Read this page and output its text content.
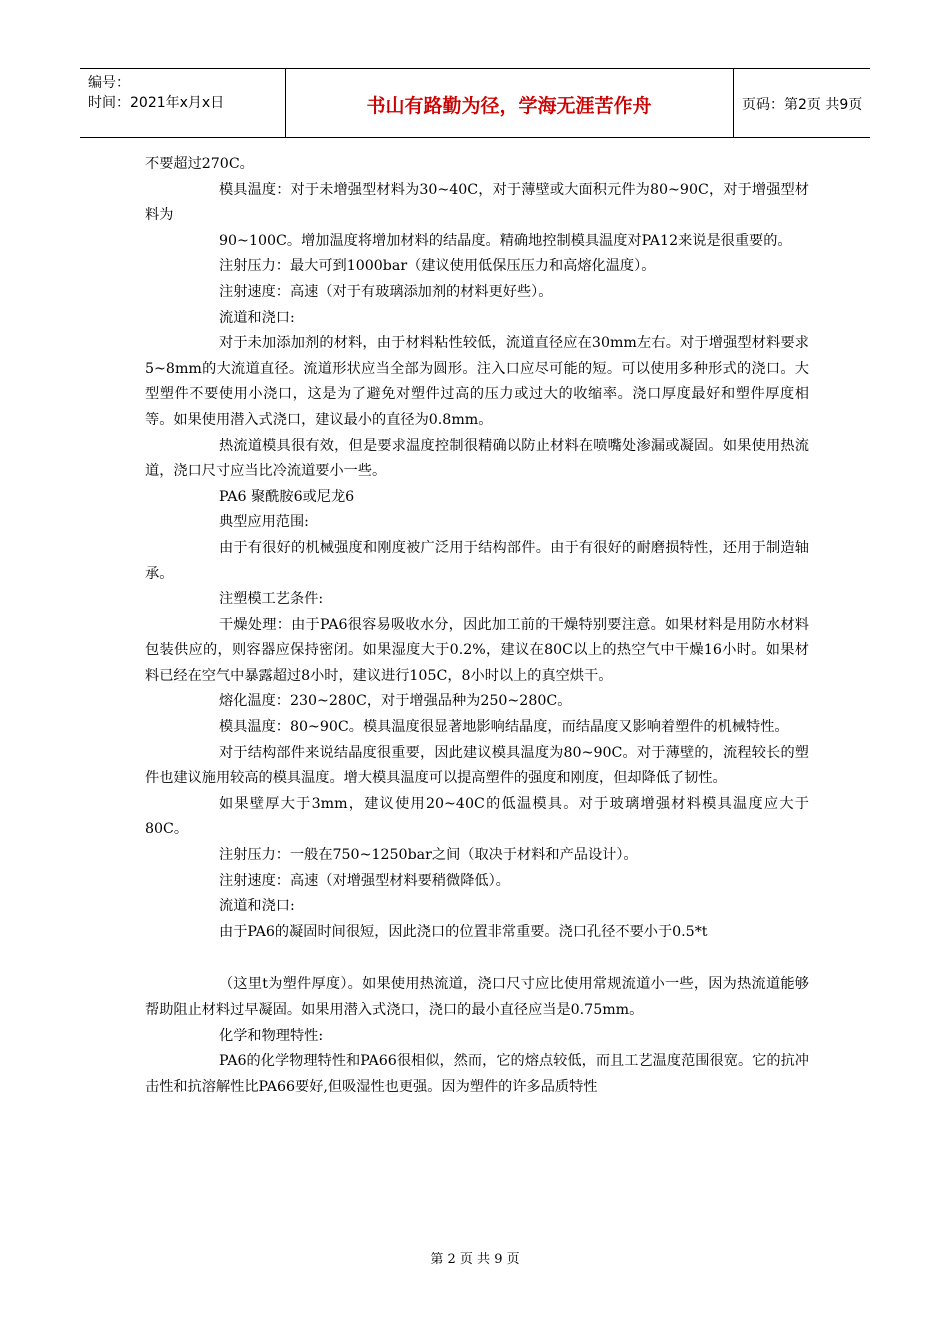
编号：
时间：2021年x月x日	书山有路勤为径，学海无涯苦作舟	页码：第2页 共9页

不要超过270C。

模具温度：对于未增强型材料为30~40C，对于薄壁或大面积元件为80~90C，对于增强型材料为

90~100C。增加温度将增加材料的结晶度。精确地控制模具温度对PA12来说是很重要的。

注射压力：最大可到1000bar（建议使用低保压压力和高熔化温度）。

注射速度：高速（对于有玻璃添加剂的材料更好些）。

流道和浇口:

对于未加添加剂的材料，由于材料粘性较低，流道直径应在30mm左右。对于增强型材料要求5~8mm的大流道直径。流道形状应当全部为圆形。注入口应尽可能的短。可以使用多种形式的浇口。大型塑件不要使用小浇口，这是为了避免对塑件过高的压力或过大的收缩率。浇口厚度最好和塑件厚度相等。如果使用潜入式浇口，建议最小的直径为0.8mm。

热流道模具很有效，但是要求温度控制很精确以防止材料在喷嘴处渗漏或凝固。如果使用热流道，浇口尺寸应当比冷流道要小一些。

PA6 聚酰胺6或尼龙6

典型应用范围:

由于有很好的机械强度和刚度被广泛用于结构部件。由于有很好的耐磨损特性，还用于制造轴承。

注塑模工艺条件:

干燥处理：由于PA6很容易吸收水分，因此加工前的干燥特别要注意。如果材料是用防水材料包装供应的，则容器应保持密闭。如果湿度大于0.2%，建议在80C以上的热空气中干燥16小时。如果材料已经在空气中暴露超过8小时，建议进行105C，8小时以上的真空烘干。

熔化温度：230~280C，对于增强品种为250~280C。

模具温度：80~90C。模具温度很显著地影响结晶度，而结晶度又影响着塑件的机械特性。

对于结构部件来说结晶度很重要，因此建议模具温度为80~90C。对于薄壁的，流程较长的塑件也建议施用较高的模具温度。增大模具温度可以提高塑件的强度和刚度，但却降低了韧性。

如果壁厚大于3mm，建议使用20~40C的低温模具。对于玻璃增强材料模具温度应大于80C。

注射压力：一般在750~1250bar之间（取决于材料和产品设计）。

注射速度：高速（对增强型材料要稍微降低）。

流道和浇口:

由于PA6的凝固时间很短，因此浇口的位置非常重要。浇口孔径不要小于0.5*t

（这里t为塑件厚度）。如果使用热流道，浇口尺寸应比使用常规流道小一些，因为热流道能够帮助阻止材料过早凝固。如果用潜入式浇口，浇口的最小直径应当是0.75mm。

化学和物理特性:

PA6的化学物理特性和PA66很相似，然而，它的熔点较低，而且工艺温度范围很宽。它的抗冲击性和抗溶解性比PA66要好,但吸湿性也更强。因为塑件的许多品质特性

第 2 页 共 9 页
